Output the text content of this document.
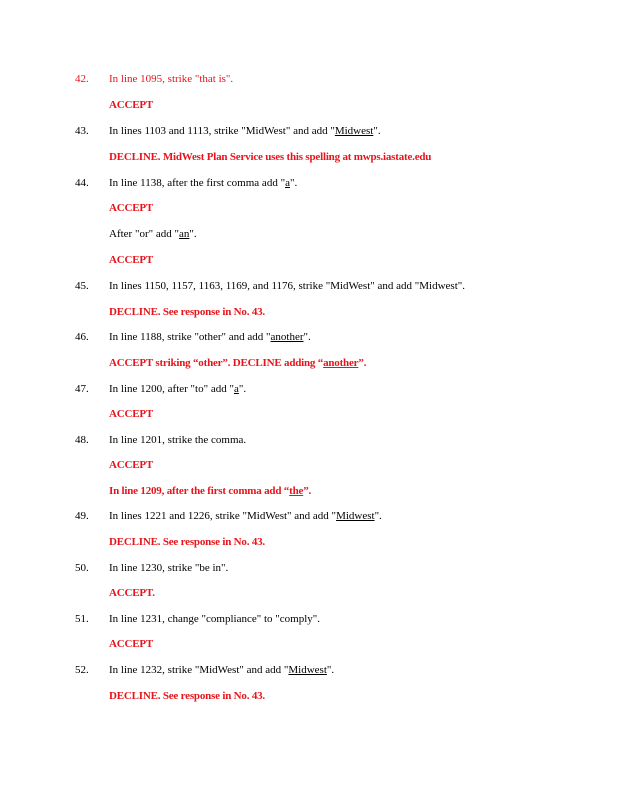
42. In line 1095, strike "that is".
ACCEPT
43. In lines 1103 and 1113, strike "MidWest" and add "Midwest".
DECLINE. MidWest Plan Service uses this spelling at mwps.iastate.edu
44. In line 1138, after the first comma add "a".
ACCEPT
After "or" add "an".
ACCEPT
45. In lines 1150, 1157, 1163, 1169, and 1176, strike "MidWest" and add "Midwest".
DECLINE. See response in No. 43.
46. In line 1188, strike "other" and add "another".
ACCEPT striking “other”. DECLINE adding “another”.
47. In line 1200, after "to" add "a".
ACCEPT
48. In line 1201, strike the comma.
ACCEPT
In line 1209, after the first comma add “the”.
49. In lines 1221 and 1226, strike "MidWest" and add "Midwest".
DECLINE. See response in No. 43.
50. In line 1230, strike "be in".
ACCEPT.
51. In line 1231, change "compliance" to "comply".
ACCEPT
52. In line 1232, strike "MidWest" and add "Midwest".
DECLINE. See response in No. 43.
